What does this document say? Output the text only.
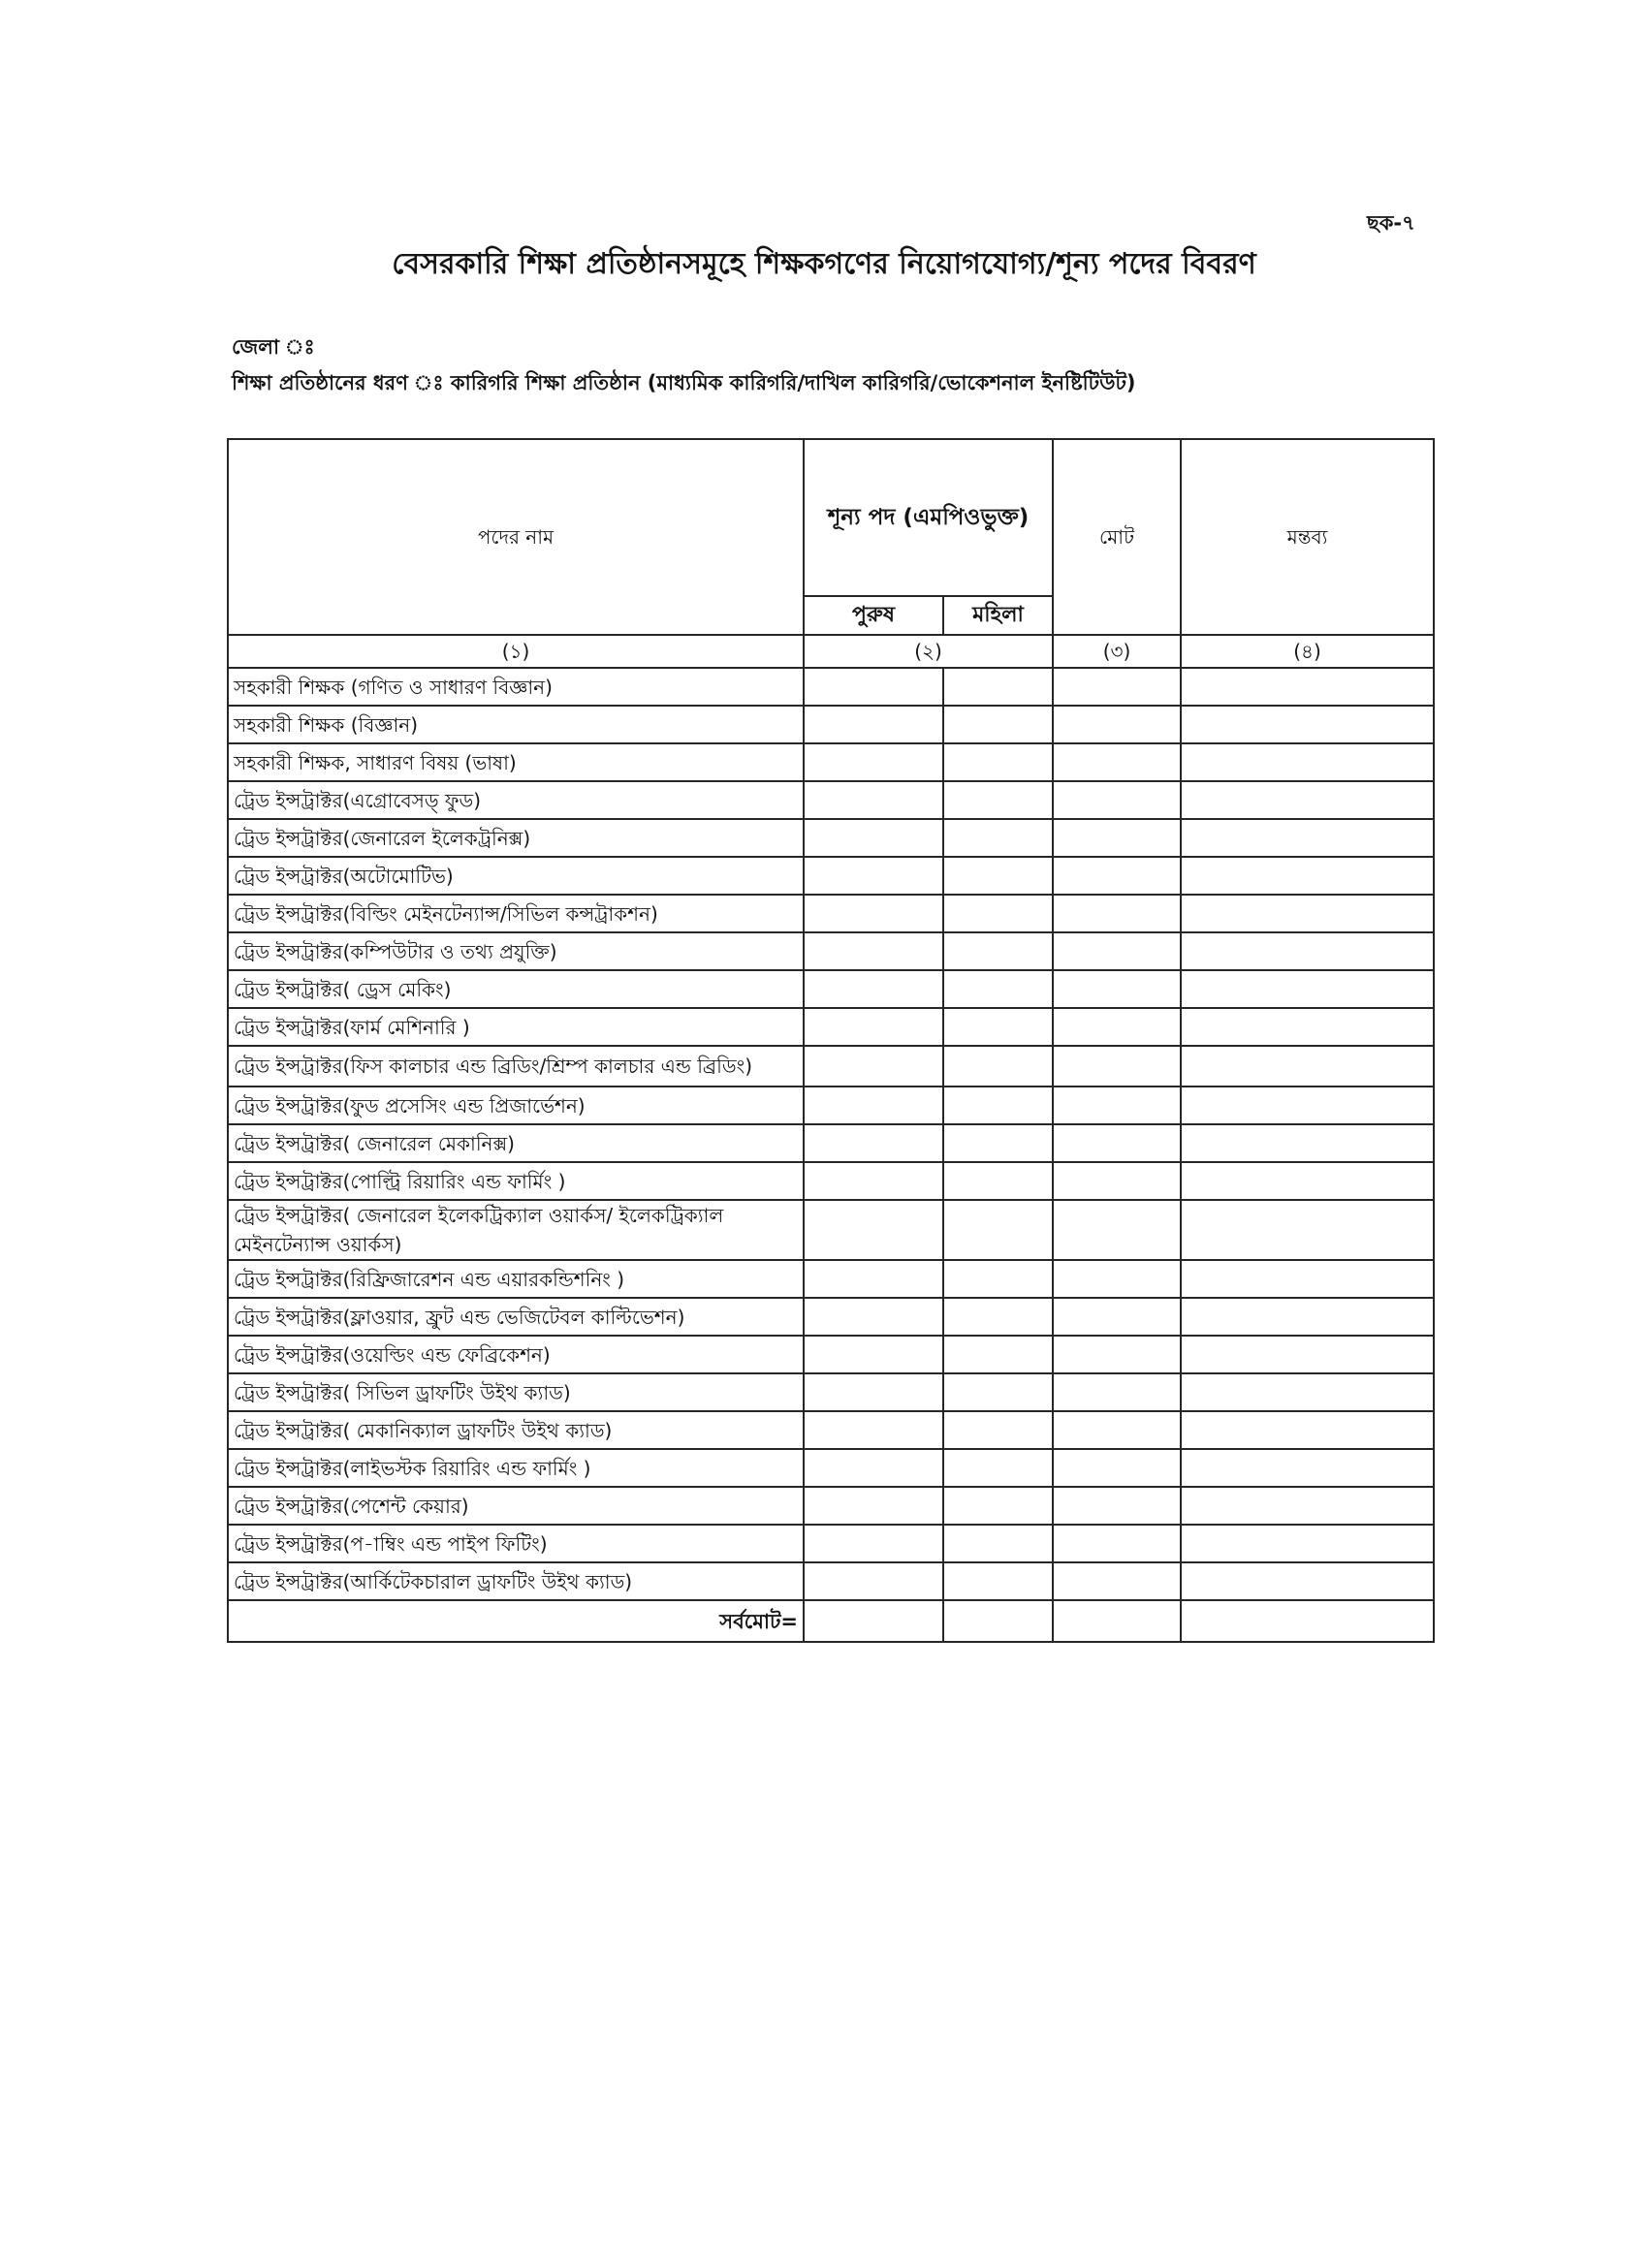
ছক-৭
বেসরকারি শিক্ষা প্রতিষ্ঠানসমূহে শিক্ষকগণের নিয়োগযোগ্য/শূন্য পদের বিবরণ
জেলা ঃ
শিক্ষা প্রতিষ্ঠানের ধরণ ঃ কারিগরি শিক্ষা প্রতিষ্ঠান (মাধ্যমিক কারিগরি/দাখিল কারিগরি/ভোকেশনাল ইনষ্টিটিউট)
পদের নাম	শূন্য পদ (এমপিওভুক্ত)		মোট	মন্তব্য
	পুরুষ	মহিলা		
(১)	(২)		(৩)	(৪)
সহকারী শিক্ষক (গণিত ও সাধারণ বিজ্ঞান)				
সহকারী শিক্ষক (বিজ্ঞান)				
সহকারী শিক্ষক, সাধারণ বিষয় (ভাষা)				
ট্রেড ইন্সট্রাক্টর(এগ্রোবেসড্ ফুড)				
ট্রেড ইন্সট্রাক্টর(জেনারেল ইলেকট্রনিক্স)				
ট্রেড ইন্সট্রাক্টর(অটোমোটিভ)				
ট্রেড ইন্সট্রাক্টর(বিল্ডিং মেইনটেন্যান্স/সিভিল কন্সট্রাকশন)				
ট্রেড ইন্সট্রাক্টর(কম্পিউটার ও তথ্য প্রযুক্তি)				
ট্রেড ইন্সট্রাক্টর( ড্রেস মেকিং)				
ট্রেড ইন্সট্রাক্টর(ফার্ম মেশিনারি )				
ট্রেড ইন্সট্রাক্টর(ফিস কালচার এন্ড ব্রিডিং/শ্রিম্প কালচার এন্ড ব্রিডিং)				
ট্রেড ইন্সট্রাক্টর(ফুড প্রসেসিং এন্ড প্রিজার্ভেশন)				
ট্রেড ইন্সট্রাক্টর( জেনারেল মেকানিক্স)				
ট্রেড ইন্সট্রাক্টর(পোল্ট্রি রিয়ারিং এন্ড ফার্মিং )				
ট্রেড ইন্সট্রাক্টর( জেনারেল ইলেকট্রিক্যাল ওয়ার্কস/ ইলেকট্রিক্যাল মেইনটেন্যান্স ওয়ার্কস)				
ট্রেড ইন্সট্রাক্টর(রিফ্রিজারেশন এন্ড এয়ারকন্ডিশনিং )				
ট্রেড ইন্সট্রাক্টর(ফ্লাওয়ার, ফ্রুট এন্ড ভেজিটেবল কাল্টিভেশন)				
ট্রেড ইন্সট্রাক্টর(ওয়েল্ডিং এন্ড ফেব্রিকেশন)				
ট্রেড ইন্সট্রাক্টর( সিভিল ড্রাফটিং উইথ ক্যাড)				
ট্রেড ইন্সট্রাক্টর( মেকানিক্যাল ড্রাফটিং উইথ ক্যাড)				
ট্রেড ইন্সট্রাক্টর(লাইভস্টক রিয়ারিং এন্ড ফার্মিং )				
ট্রেড ইন্সট্রাক্টর(পেশেন্ট কেয়ার)				
ট্রেড ইন্সট্রাক্টর(প-াম্বিং এন্ড পাইপ ফিটিং)				
ট্রেড ইন্সট্রাক্টর(আর্কিটেকচারাল ড্রাফটিং উইথ ক্যাড)				
সর্বমোট=				
